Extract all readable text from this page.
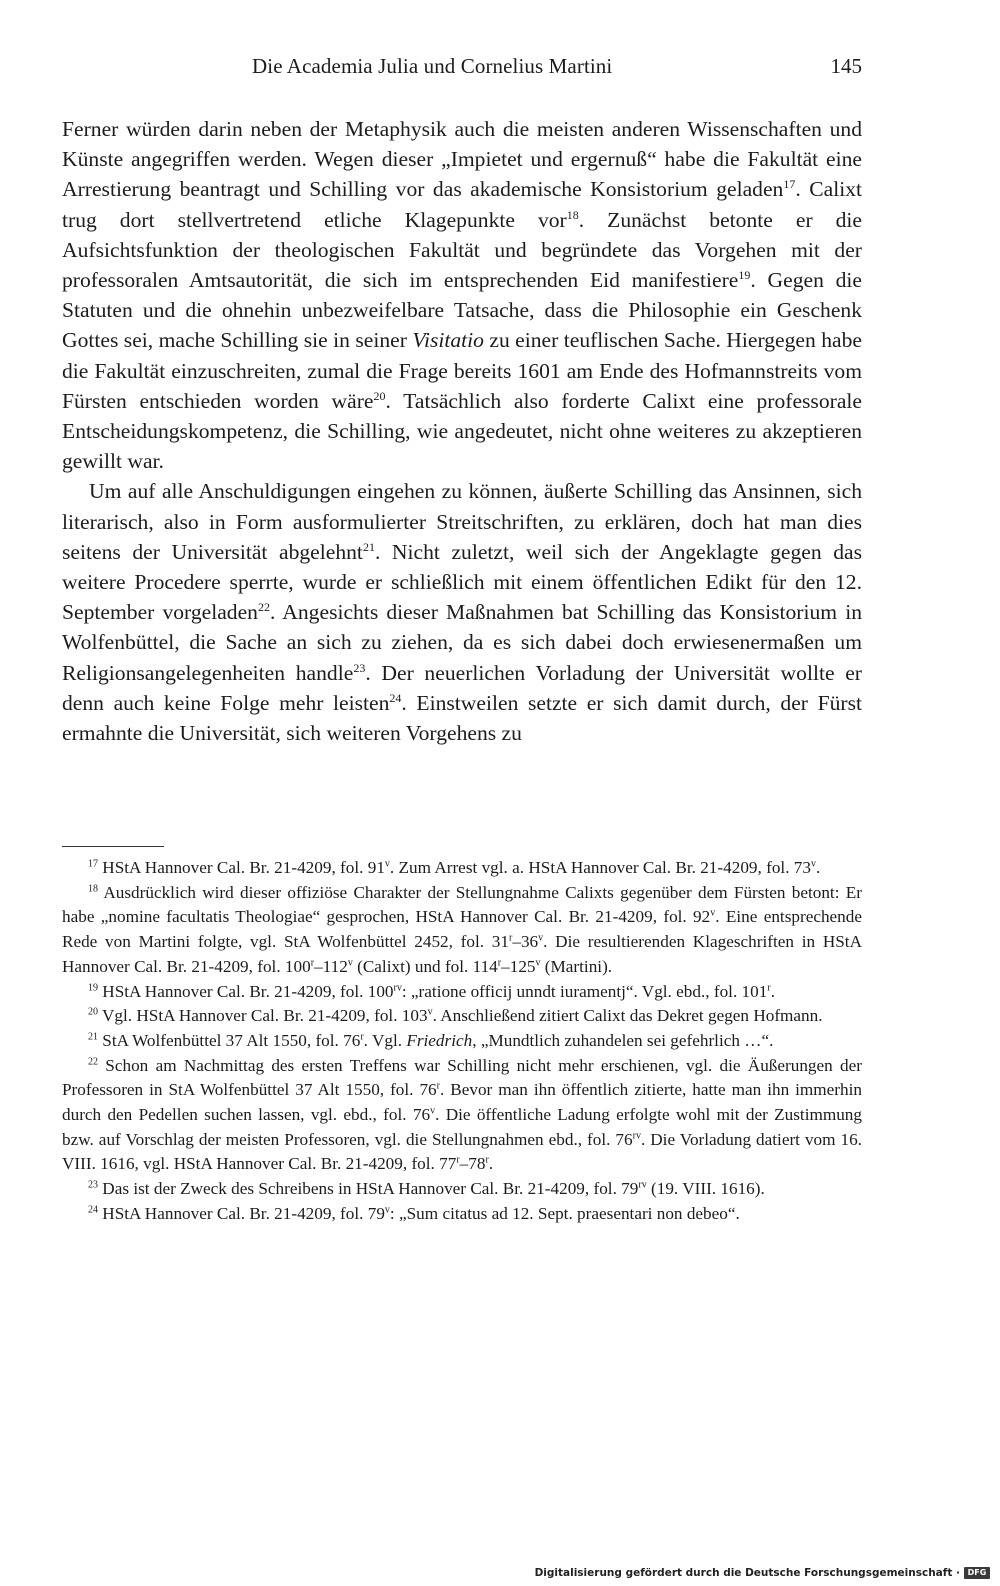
Die Academia Julia und Cornelius Martini	145

Ferner würden darin neben der Metaphysik auch die meisten anderen Wissenschaften und Künste angegriffen werden. Wegen dieser „Impietet und ergernuß“ habe die Fakultät eine Arrestierung beantragt und Schilling vor das akademische Konsistorium geladen$^{17}$. Calixt trug dort stellvertretend etliche Klagepunkte vor$^{18}$. Zunächst betonte er die Aufsichtsfunktion der theologischen Fakultät und begründete das Vorgehen mit der professoralen Amtsautorität, die sich im entsprechenden Eid manifestiere$^{19}$. Gegen die Statuten und die ohnehin unbezweifelbare Tatsache, dass die Philosophie ein Geschenk Gottes sei, mache Schilling sie in seiner Visitatio zu einer teuflischen Sache. Hiergegen habe die Fakultät einzuschreiten, zumal die Frage bereits 1601 am Ende des Hofmannstreits vom Fürsten entschieden worden wäre$^{20}$. Tatsächlich also forderte Calixt eine professorale Entscheidungskompetenz, die Schilling, wie angedeutet, nicht ohne weiteres zu akzeptieren gewillt war.

Um auf alle Anschuldigungen eingehen zu können, äußerte Schilling das Ansinnen, sich literarisch, also in Form ausformulierter Streitschriften, zu erklären, doch hat man dies seitens der Universität abgelehnt$^{21}$. Nicht zuletzt, weil sich der Angeklagte gegen das weitere Procedere sperrte, wurde er schließlich mit einem öffentlichen Edikt für den 12. September vorgeladen$^{22}$. Angesichts dieser Maßnahmen bat Schilling das Konsistorium in Wolfenbüttel, die Sache an sich zu ziehen, da es sich dabei doch erwiesenermaßen um Religionsangelegenheiten handle$^{23}$. Der neuerlichen Vorladung der Universität wollte er denn auch keine Folge mehr leisten$^{24}$. Einstweilen setzte er sich damit durch, der Fürst ermahnte die Universität, sich weiteren Vorgehens zu

$^{17}$ HStA Hannover Cal. Br. 21-4209, fol. 91$^v$. Zum Arrest vgl. a. HStA Hannover Cal. Br. 21-4209, fol. 73$^v$.

$^{18}$ Ausdrücklich wird dieser offiziöse Charakter der Stellungnahme Calixts gegenüber dem Fürsten betont: Er habe „nomine facultatis Theologiae“ gesprochen, HStA Hannover Cal. Br. 21-4209, fol. 92$^v$. Eine entsprechende Rede von Martini folgte, vgl. StA Wolfenbüttel 2452, fol. 31$^r$–36$^v$. Die resultierenden Klageschriften in HStA Hannover Cal. Br. 21-4209, fol. 100$^r$–112$^v$ (Calixt) und fol. 114$^r$–125$^v$ (Martini).

$^{19}$ HStA Hannover Cal. Br. 21-4209, fol. $100^{rv}$: „ratione officij unndt iuramentj“. Vgl. ebd., fol. 101$^r$.

$^{20}$ Vgl. HStA Hannover Cal. Br. 21-4209, fol. 103$^v$. Anschließend zitiert Calixt das Dekret gegen Hofmann.

$^{21}$ StA Wolfenbüttel 37 Alt 1550, fol. 76$^r$. Vgl. Friedrich, „Mundtlich zuhandelen sei gefehrlich …“.

$^{22}$ Schon am Nachmittag des ersten Treffens war Schilling nicht mehr erschienen, vgl. die Äußerungen der Professoren in StA Wolfenbüttel 37 Alt 1550, fol. 76$^r$. Bevor man ihn öffentlich zitierte, hatte man ihn immerhin durch den Pedellen suchen lassen, vgl. ebd., fol. 76$^v$. Die öffentliche Ladung erfolgte wohl mit der Zustimmung bzw. auf Vorschlag der meisten Professoren, vgl. die Stellungnahmen ebd., fol. $76^{rv}$. Die Vorladung datiert vom 16. VIII. 1616, vgl. HStA Hannover Cal. Br. 21-4209, fol. 77$^r$–78$^r$.

$^{23}$ Das ist der Zweck des Schreibens in HStA Hannover Cal. Br. 21-4209, fol. $79^{rv}$ (19. VIII. 1616).

$^{24}$ HStA Hannover Cal. Br. 21-4209, fol. 79$^v$: „Sum citatus ad 12. Sept. praesentari non debeo“.

Digitalisierung gefördert durch die Deutsche Forschungsgemeinschaft · DFG
